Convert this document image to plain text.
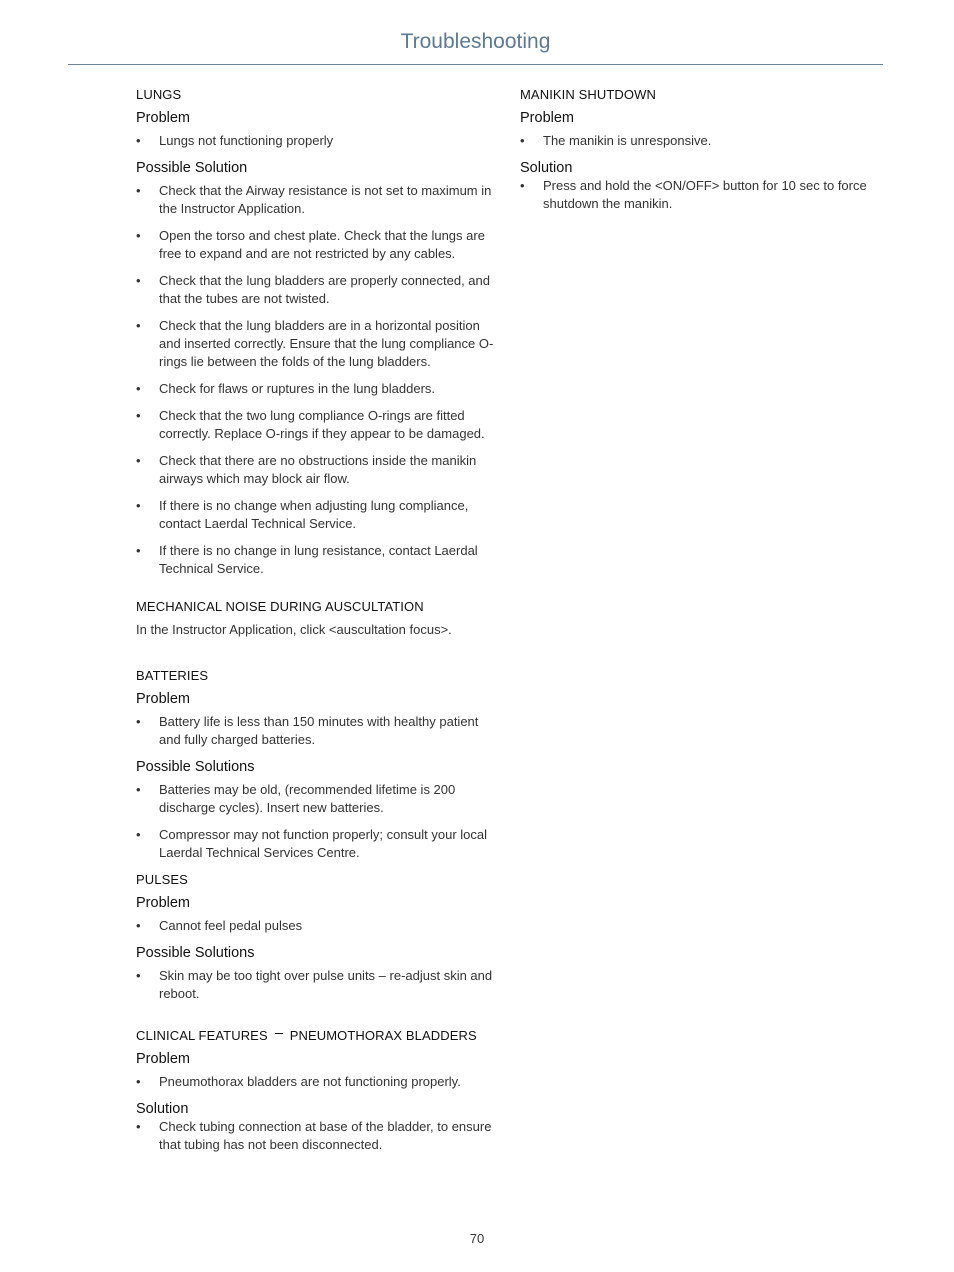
Troubleshooting
LUNGS
Problem
•	Lungs not functioning properly
Possible Solution
•	Check that the Airway resistance is not set to maximum in the Instructor Application.
•	Open the torso and chest plate. Check that the lungs are free to expand and are not restricted by any cables.
•	Check that the lung bladders are properly connected, and that the tubes are not twisted.
•	Check that the lung bladders are in a horizontal position and inserted correctly. Ensure that the lung compliance O-rings lie between the folds of the lung bladders.
•	Check for flaws or ruptures in the lung bladders.
•	Check that the two lung compliance O-rings are fitted correctly. Replace O-rings if they appear to be damaged.
•	Check that there are no obstructions inside the manikin airways which may block air flow.
•	If there is no change when adjusting lung compliance, contact Laerdal Technical Service.
•	If there is no change in lung resistance, contact Laerdal Technical Service.
MECHANICAL NOISE DURING AUSCULTATION

In the Instructor Application, click <auscultation focus>.

BATTERIES
Problem
•	Battery life is less than 150 minutes with healthy patient and fully charged batteries.
Possible Solutions
•	Batteries may be old, (recommended lifetime is 200 discharge cycles). Insert new batteries.
•	Compressor may not function properly; consult your local Laerdal Technical Services Centre.
PULSES
Problem
•	Cannot feel pedal pulses
Possible Solutions
•	Skin may be too tight over pulse units – re-adjust skin and reboot.
CLINICAL FEATURES PNEUMOTHORAX BLADDERS
Problem
•	Pneumothorax bladders are not functioning properly.
Solution
•	Check tubing connection at base of the bladder, to ensure that tubing has not been disconnected.
MANIKIN SHUTDOWN
Problem
•	The manikin is unresponsive.
Solution
•	Press and hold the <ON/OFF> button for 10 sec to force shutdown the manikin.
70
